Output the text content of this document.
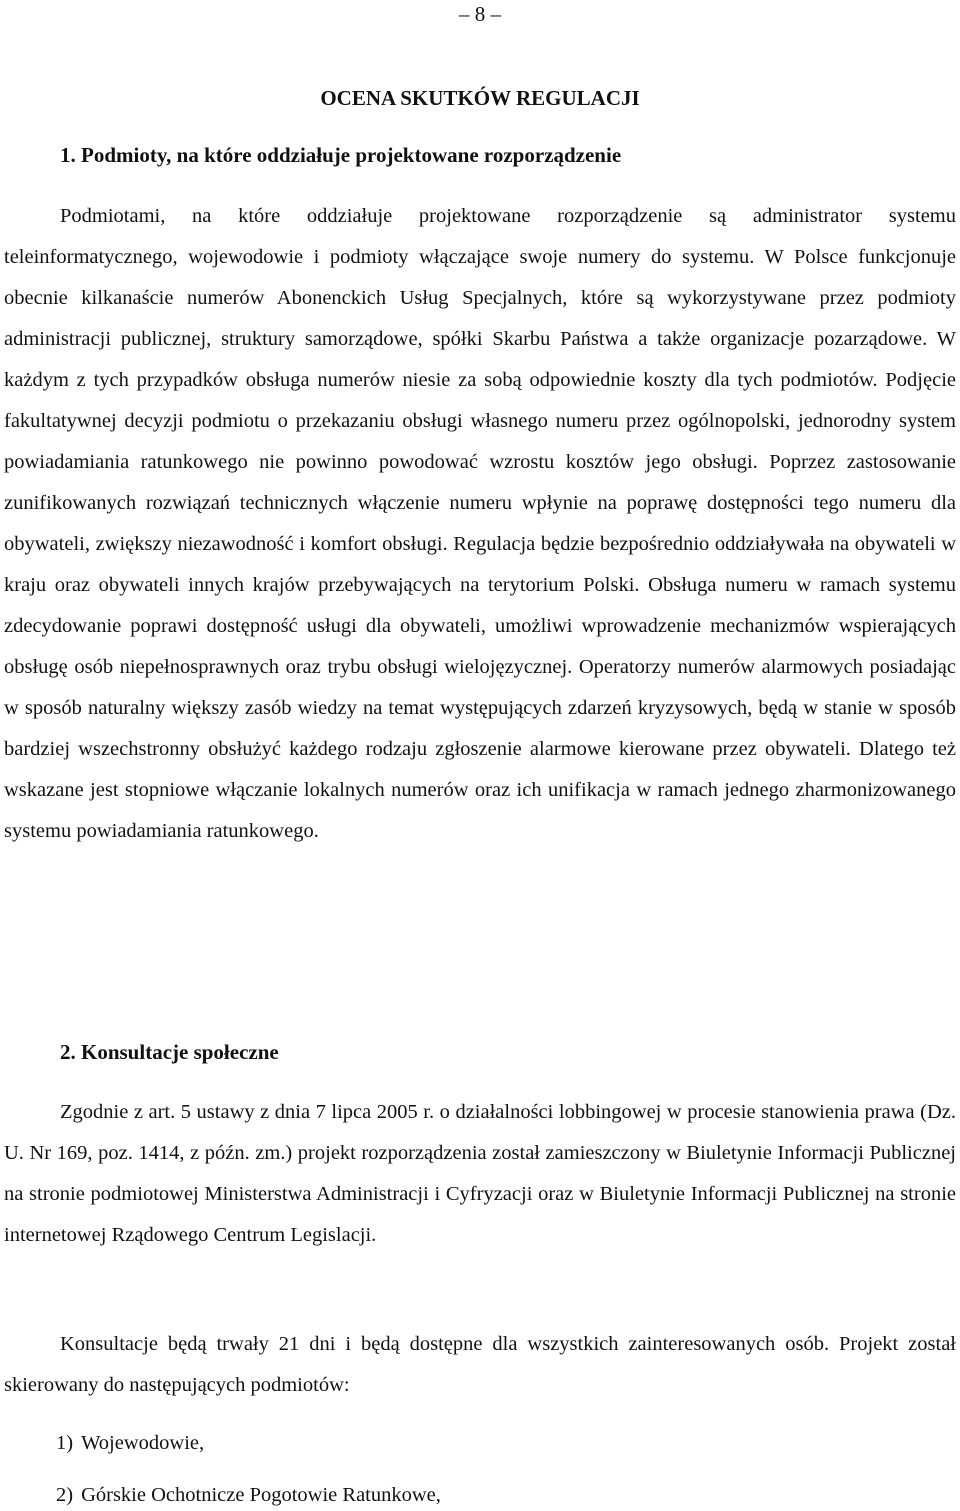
– 8 –
OCENA SKUTKÓW REGULACJI
1. Podmioty, na które oddziałuje projektowane rozporządzenie

Podmiotami, na które oddziałuje projektowane rozporządzenie są administrator systemu teleinformatycznego, wojewodowie i podmioty włączające swoje numery do systemu. W Polsce funkcjonuje obecnie kilkanaście numerów Abonenckich Usług Specjalnych, które są wykorzystywane przez podmioty administracji publicznej, struktury samorządowe, spółki Skarbu Państwa a także organizacje pozarządowe. W każdym z tych przypadków obsługa numerów niesie za sobą odpowiednie koszty dla tych podmiotów. Podjęcie fakultatywnej decyzji podmiotu o przekazaniu obsługi własnego numeru przez ogólnopolski, jednorodny system powiadamiania ratunkowego nie powinno powodować wzrostu kosztów jego obsługi. Poprzez zastosowanie zunifikowanych rozwiązań technicznych włączenie numeru wpłynie na poprawę dostępności tego numeru dla obywateli, zwiększy niezawodność i komfort obsługi. Regulacja będzie bezpośrednio oddziaływała na obywateli w kraju oraz obywateli innych krajów przebywających na terytorium Polski. Obsługa numeru w ramach systemu zdecydowanie poprawi dostępność usługi dla obywateli, umożliwi wprowadzenie mechanizmów wspierających obsługę osób niepełnosprawnych oraz trybu obsługi wielojęzycznej. Operatorzy numerów alarmowych posiadając w sposób naturalny większy zasób wiedzy na temat występujących zdarzeń kryzysowych, będą w stanie w sposób bardziej wszechstronny obsłużyć każdego rodzaju zgłoszenie alarmowe kierowane przez obywateli. Dlatego też wskazane jest stopniowe włączanie lokalnych numerów oraz ich unifikacja w ramach jednego zharmonizowanego systemu powiadamiania ratunkowego.

2. Konsultacje społeczne

Zgodnie z art. 5 ustawy z dnia 7 lipca 2005 r. o działalności lobbingowej w procesie stanowienia prawa (Dz. U. Nr 169, poz. 1414, z późn. zm.) projekt rozporządzenia został zamieszczony w Biuletynie Informacji Publicznej na stronie podmiotowej Ministerstwa Administracji i Cyfryzacji oraz w Biuletynie Informacji Publicznej na stronie internetowej Rządowego Centrum Legislacji.

Konsultacje będą trwały 21 dni i będą dostępne dla wszystkich zainteresowanych osób. Projekt został skierowany do następujących podmiotów:

1) Wojewodowie,
2) Górskie Ochotnicze Pogotowie Ratunkowe,
